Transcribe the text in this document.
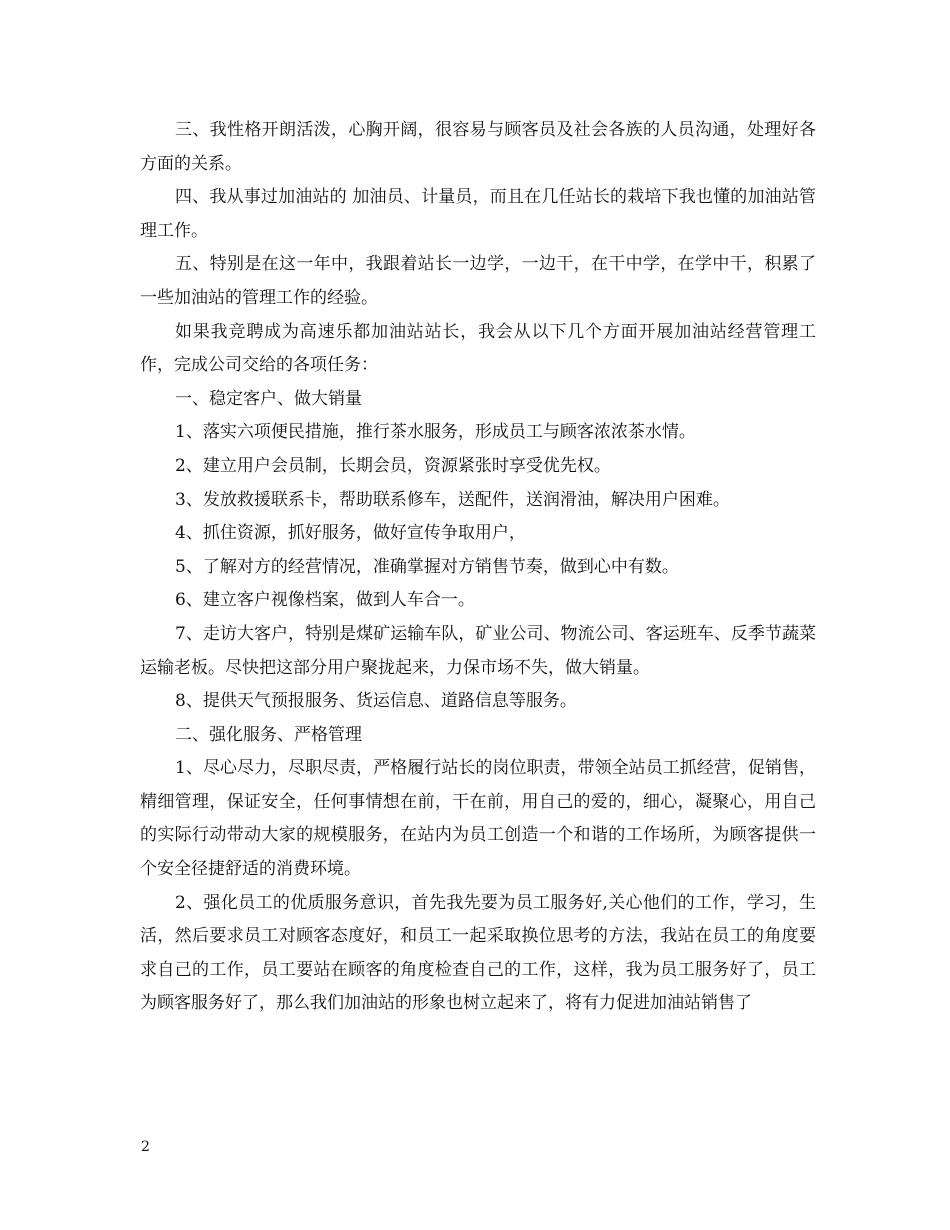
三、我性格开朗活泼，心胸开阔，很容易与顾客员及社会各族的人员沟通，处理好各方面的关系。

四、我从事过加油站的 加油员、计量员，而且在几任站长的栽培下我也懂的加油站管理工作。

五、特别是在这一年中，我跟着站长一边学，一边干，在干中学，在学中干，积累了一些加油站的管理工作的经验。

如果我竞聘成为高速乐都加油站站长，我会从以下几个方面开展加油站经营管理工作，完成公司交给的各项任务：

一、稳定客户、做大销量

1、落实六项便民措施，推行茶水服务，形成员工与顾客浓浓茶水情。

2、建立用户会员制，长期会员，资源紧张时享受优先权。

3、发放救援联系卡，帮助联系修车，送配件，送润滑油，解决用户困难。

4、抓住资源，抓好服务，做好宣传争取用户，

5、了解对方的经营情况，准确掌握对方销售节奏，做到心中有数。

6、建立客户视像档案，做到人车合一。

7、走访大客户，特别是煤矿运输车队，矿业公司、物流公司、客运班车、反季节蔬菜运输老板。尽快把这部分用户聚拢起来，力保市场不失，做大销量。

8、提供天气预报服务、货运信息、道路信息等服务。

二、强化服务、严格管理

1、尽心尽力，尽职尽责，严格履行站长的岗位职责，带领全站员工抓经营，促销售，精细管理，保证安全，任何事情想在前，干在前，用自己的爱的，细心，凝聚心，用自己的实际行动带动大家的规模服务，在站内为员工创造一个和谐的工作场所，为顾客提供一个安全径捷舒适的消费环境。

2、强化员工的优质服务意识，首先我先要为员工服务好,关心他们的工作，学习，生活，然后要求员工对顾客态度好，和员工一起采取换位思考的方法，我站在员工的角度要求自己的工作，员工要站在顾客的角度检查自己的工作，这样，我为员工服务好了，员工为顾客服务好了，那么我们加油站的形象也树立起来了，将有力促进加油站销售了

2
